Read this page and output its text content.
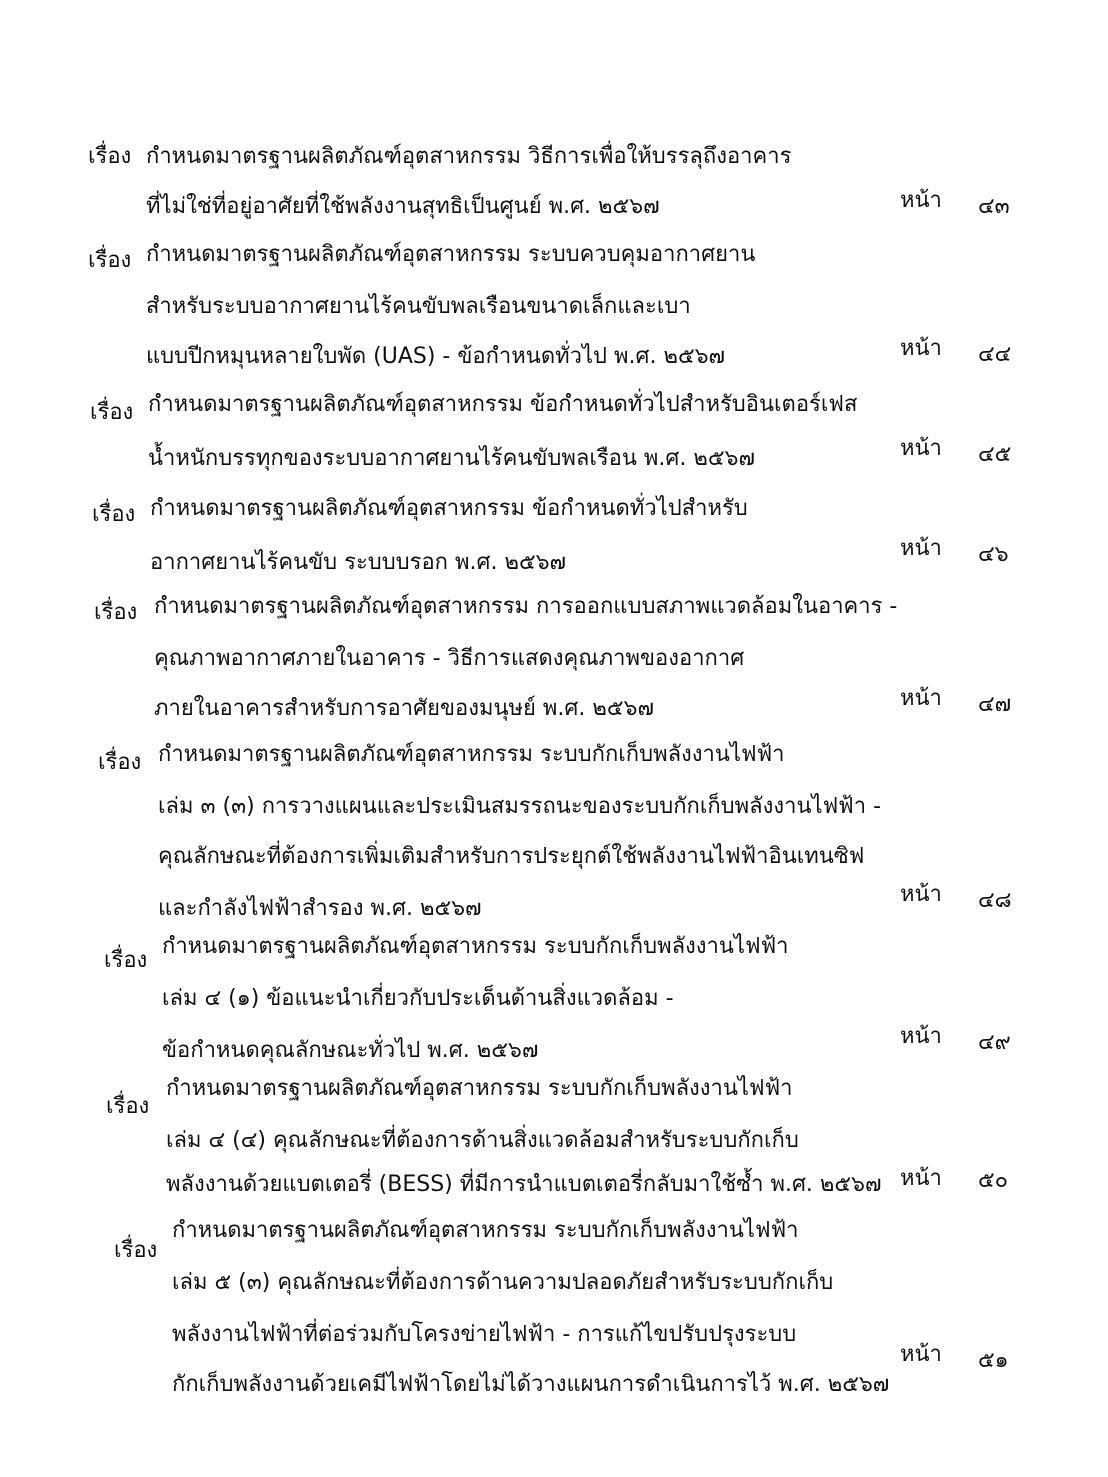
เรื่อง กำหนดมาตรฐานผลิตภัณฑ์อุตสาหกรรม วิธีการเพื่อให้บรรลุถึงอาคาร
ที่ไม่ใช่ที่อยู่อาศัยที่ใช้พลังงานสุทธิเป็นศูนย์ พ.ศ. ๒๕๖๗	หน้า ๔๓
เรื่อง กำหนดมาตรฐานผลิตภัณฑ์อุตสาหกรรม ระบบควบคุมอากาศยาน
สำหรับระบบอากาศยานไร้คนขับพลเรือนขนาดเล็กและเบา
แบบปีกหมุนหลายใบพัด (UAS) - ข้อกำหนดทั่วไป พ.ศ. ๒๕๖๗	หน้า ๔๔
เรื่อง กำหนดมาตรฐานผลิตภัณฑ์อุตสาหกรรม ข้อกำหนดทั่วไปสำหรับอินเตอร์เฟส
น้ำหนักบรรทุกของระบบอากาศยานไร้คนขับพลเรือน พ.ศ. ๒๕๖๗	หน้า ๔๕
เรื่อง กำหนดมาตรฐานผลิตภัณฑ์อุตสาหกรรม ข้อกำหนดทั่วไปสำหรับ
อากาศยานไร้คนขับ ระบบบรอก พ.ศ. ๒๕๖๗
หน้า ๔๖
เรื่อง กำหนดมาตรฐานผลิตภัณฑ์อุตสาหกรรม การออกแบบสภาพแวดล้อมในอาคาร -
คุณภาพอากาศภายในอาคาร - วิธีการแสดงคุณภาพของอากาศ
ภายในอาคารสำหรับการอาศัยของมนุษย์ พ.ศ. ๒๕๖๗	หน้า ๔๗
เรื่อง กำหนดมาตรฐานผลิตภัณฑ์อุตสาหกรรม ระบบกักเก็บพลังงานไฟฟ้า
เล่ม ๓ (๓) การวางแผนและประเมินสมรรถนะของระบบกักเก็บพลังงานไฟฟ้า -
คุณลักษณะที่ต้องการเพิ่มเติมสำหรับการประยุกต์ใช้พลังงานไฟฟ้าอินเทนซิฟ
และกำลังไฟฟ้าสำรอง พ.ศ. ๒๕๖๗
หน้า ๔๘
เรื่อง
กำหนดมาตรฐานผลิตภัณฑ์อุตสาหกรรม ระบบกักเก็บพลังงานไฟฟ้า
เล่ม ๔ (๑) ข้อแนะนำเกี่ยวกับประเด็นด้านสิ่งแวดล้อม -
ข้อกำหนดคุณลักษณะทั่วไป พ.ศ. ๒๕๖๗
หน้า ๔๙
เรื่อง
กำหนดมาตรฐานผลิตภัณฑ์อุตสาหกรรม ระบบกักเก็บพลังงานไฟฟ้า
เล่ม ๔ (๔) คุณลักษณะที่ต้องการด้านสิ่งแวดล้อมสำหรับระบบกักเก็บ
พลังงานด้วยแบตเตอรี่ (BESS) ที่มีการนำแบตเตอรี่กลับมาใช้ซ้ำ พ.ศ. ๒๕๖๗ หน้า ๕๐
เรื่อง
กำหนดมาตรฐานผลิตภัณฑ์อุตสาหกรรม ระบบกักเก็บพลังงานไฟฟ้า
เล่ม ๕ (๓) คุณลักษณะที่ต้องการด้านความปลอดภัยสำหรับระบบกักเก็บ
พลังงานไฟฟ้าที่ต่อร่วมกับโครงข่ายไฟฟ้า - การแก้ไขปรับปรุงระบบ
กักเก็บพลังงานด้วยเคมีไฟฟ้าโดยไม่ได้วางแผนการดำเนินการไว้ พ.ศ. ๒๕๖๗
หน้า ๕๑
